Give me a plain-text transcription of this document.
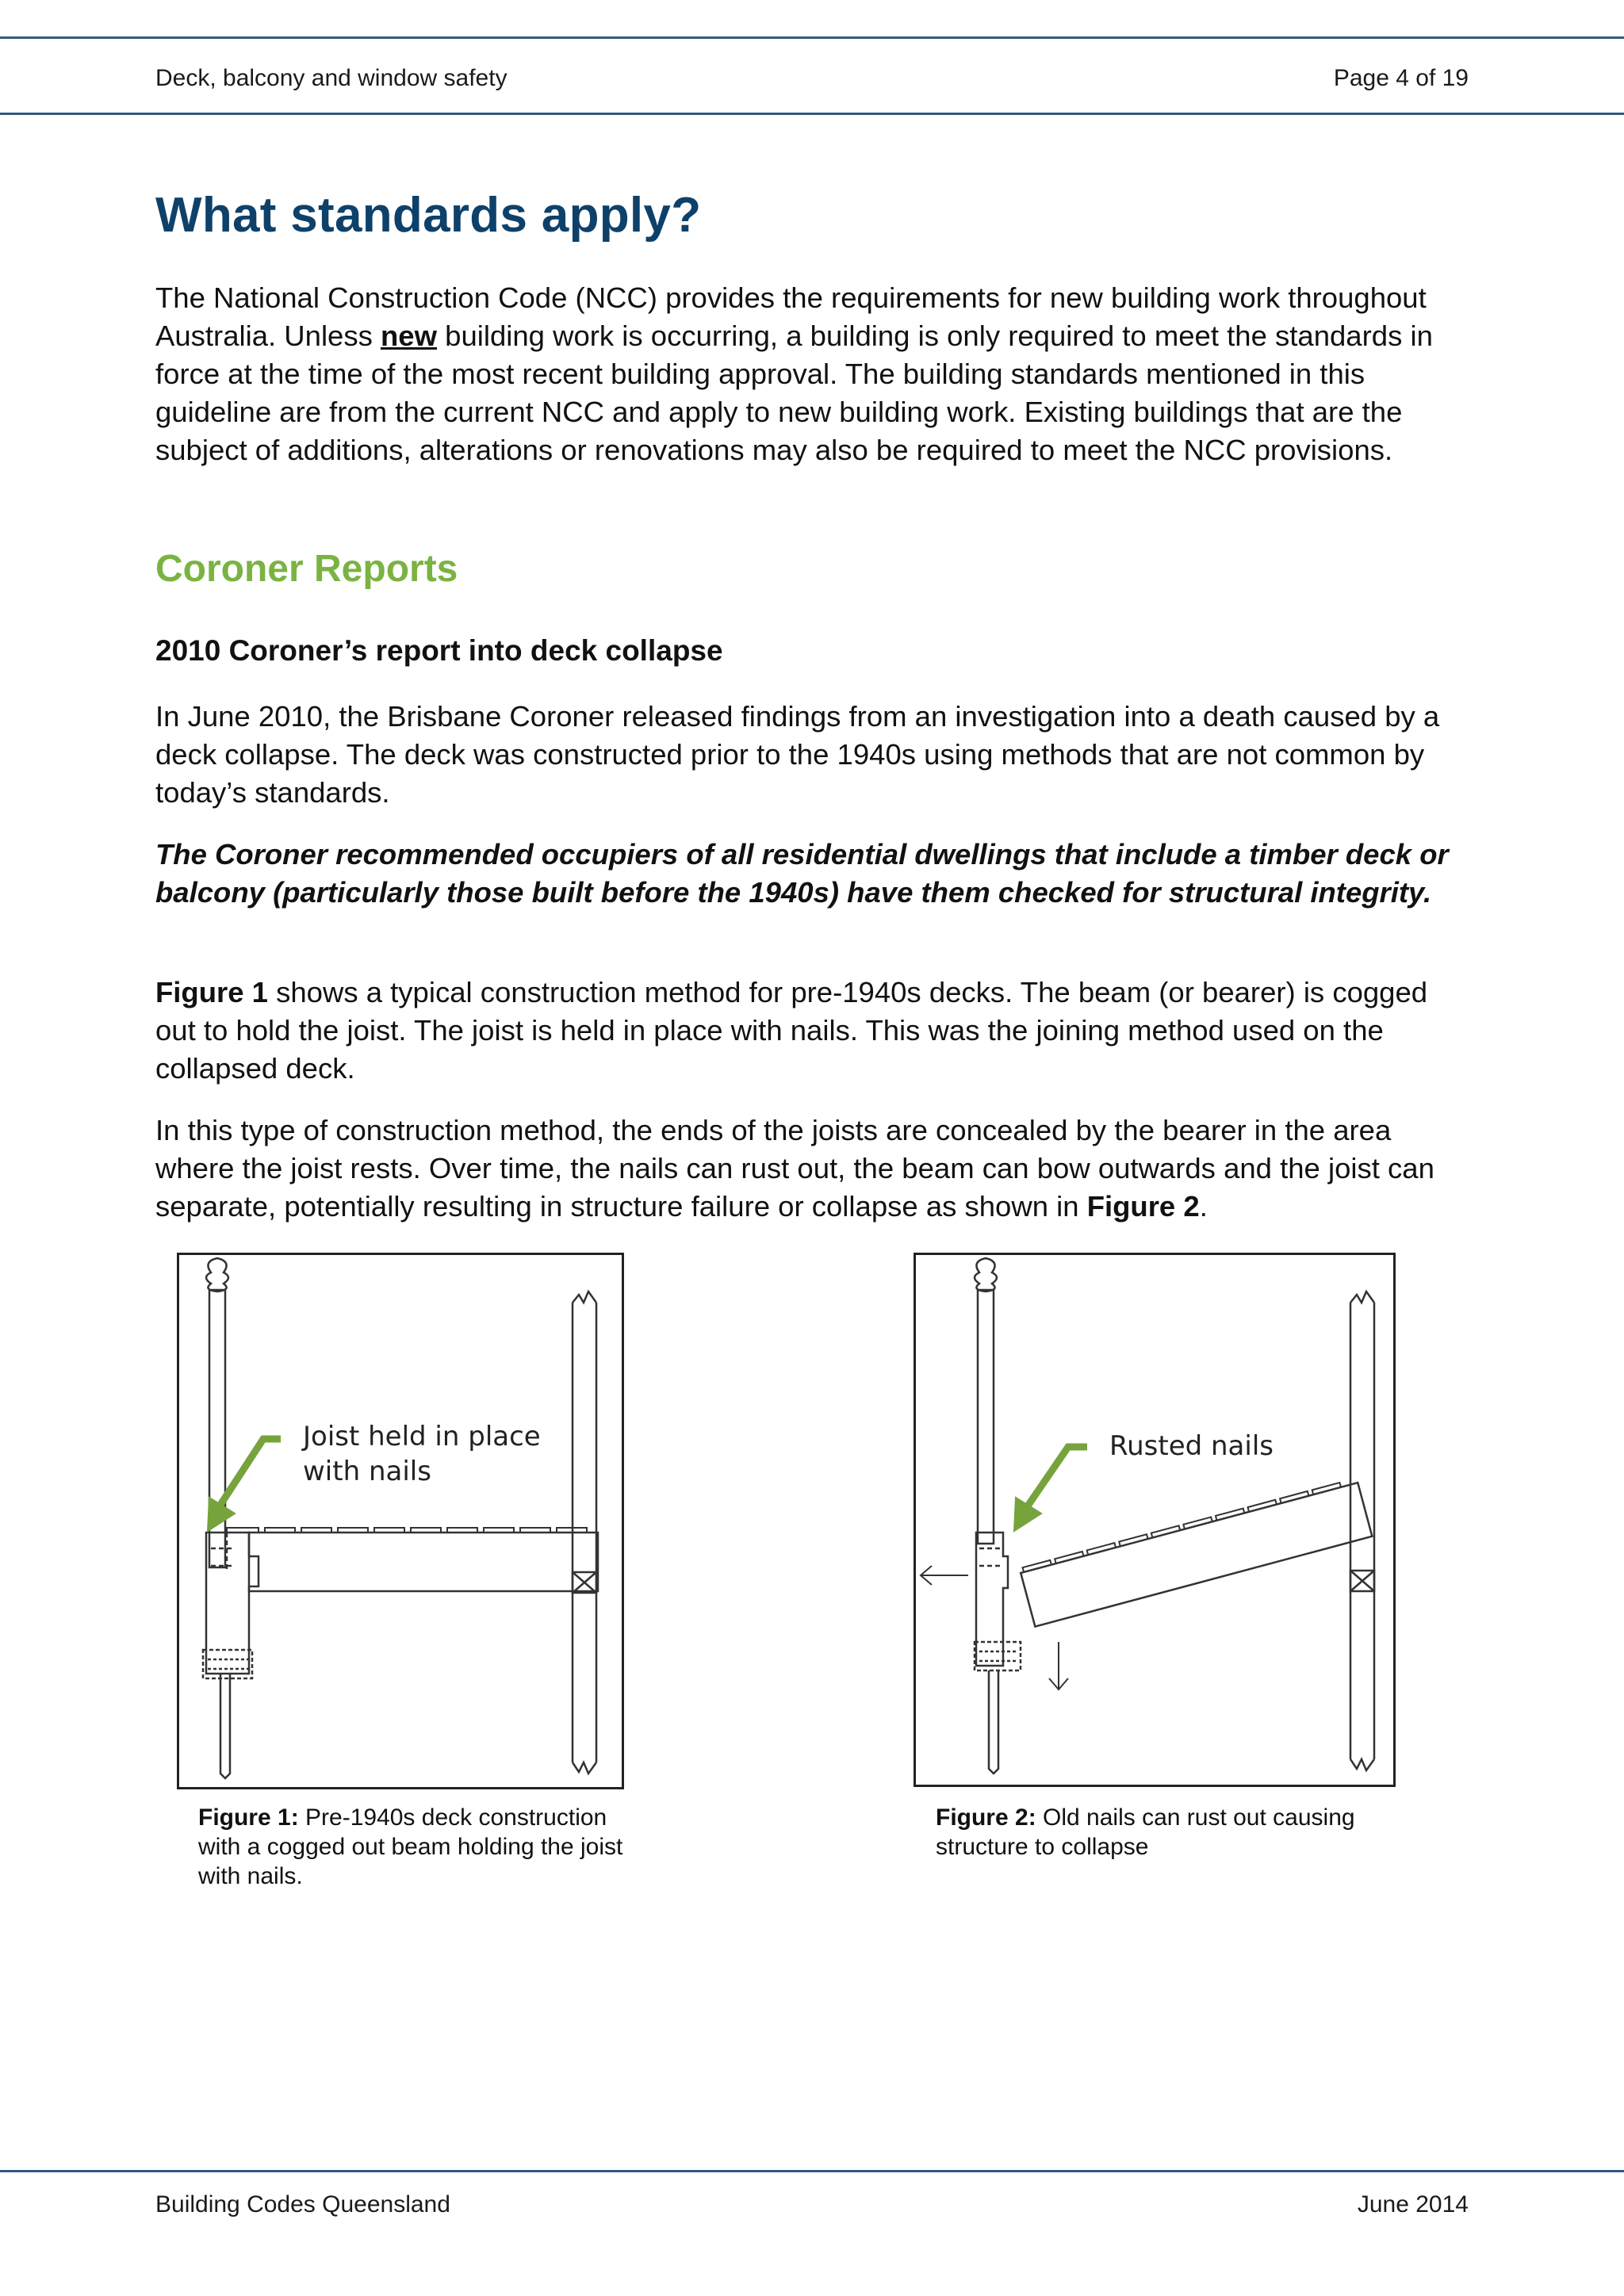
Deck, balcony and window safety	Page 4 of 19
What standards apply?

The National Construction Code (NCC) provides the requirements for new building work throughout Australia. Unless new building work is occurring, a building is only required to meet the standards in force at the time of the most recent building approval. The building standards mentioned in this guideline are from the current NCC and apply to new building work. Existing buildings that are the subject of additions, alterations or renovations may also be required to meet the NCC provisions.

Coroner Reports
2010 Coroner’s report into deck collapse

In June 2010, the Brisbane Coroner released findings from an investigation into a death caused by a deck collapse. The deck was constructed prior to the 1940s using methods that are not common by today’s standards.

The Coroner recommended occupiers of all residential dwellings that include a timber deck or balcony (particularly those built before the 1940s) have them checked for structural integrity.

Figure 1 shows a typical construction method for pre-1940s decks. The beam (or bearer) is cogged out to hold the joist. The joist is held in place with nails. This was the joining method used on the collapsed deck.

In this type of construction method, the ends of the joists are concealed by the bearer in the area where the joist rests. Over time, the nails can rust out, the beam can bow outwards and the joist can separate, potentially resulting in structure failure or collapse as shown in Figure 2.

Joist held in place
with nails
Figure 1: Pre-1940s deck construction with a cogged out beam holding the joist with nails.
Rusted nails
Figure 2: Old nails can rust out causing structure to collapse
Building Codes Queensland	June 2014
